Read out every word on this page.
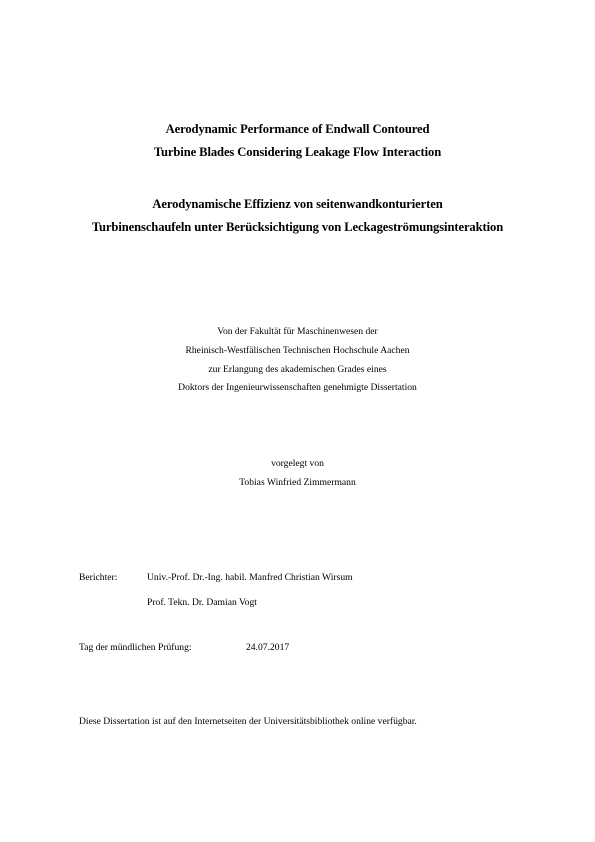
Aerodynamic Performance of Endwall Contoured
Turbine Blades Considering Leakage Flow Interaction
Aerodynamische Effizienz von seitenwandkonturierten
Turbinenschaufeln unter Berücksichtigung von Leckageströmungsinteraktion
Von der Fakultät für Maschinenwesen der
Rheinisch-Westfälischen Technischen Hochschule Aachen
zur Erlangung des akademischen Grades eines
Doktors der Ingenieurwissenschaften genehmigte Dissertation
vorgelegt von
Tobias Winfried Zimmermann
Berichter:	Univ.-Prof. Dr.-Ing. habil. Manfred Christian Wirsum
Prof. Tekn. Dr. Damian Vogt
Tag der mündlichen Prüfung:	24.07.2017
Diese Dissertation ist auf den Internetseiten der Universitätsbibliothek online verfügbar.
